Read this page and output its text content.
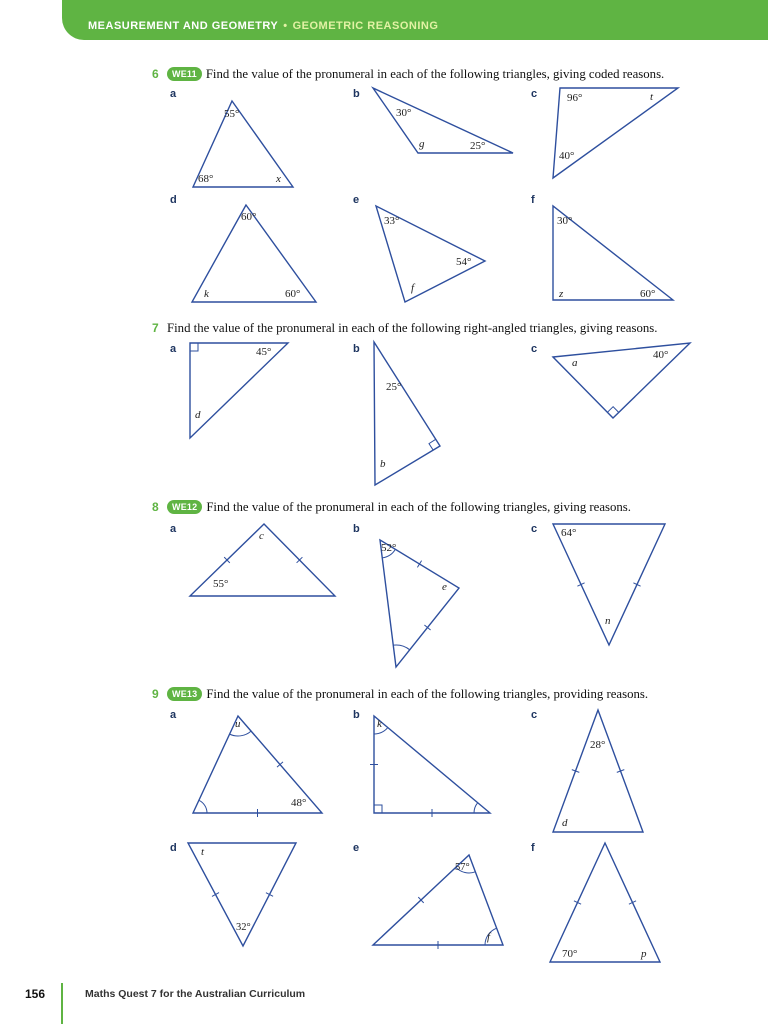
MEASUREMENT AND GEOMETRY • GEOMETRIC REASONING
6	WE11 Find the value of the pronumeral in each of the following triangles, giving coded reasons.
7 Find the value of the pronumeral in each of the following right-angled triangles, giving reasons.
8	WE12 Find the value of the pronumeral in each of the following triangles, giving reasons.
9	WE13 Find the value of the pronumeral in each of the following triangles, providing reasons.
a	b	c
d	e	f
55°
68°	x
30°
g	25°
96°	t
40°
60°
k	60°
33°
54°
f
30°
z	60°
a	b	c
45°
d
25°
b
40°
a
a	b	c
c
55°
52°
e
64°
n
a	b	c
d	e	f
u
48°
k
28°
d
t
32°
57°
f
70°	p
156	Maths Quest 7 for the Australian Curriculum
